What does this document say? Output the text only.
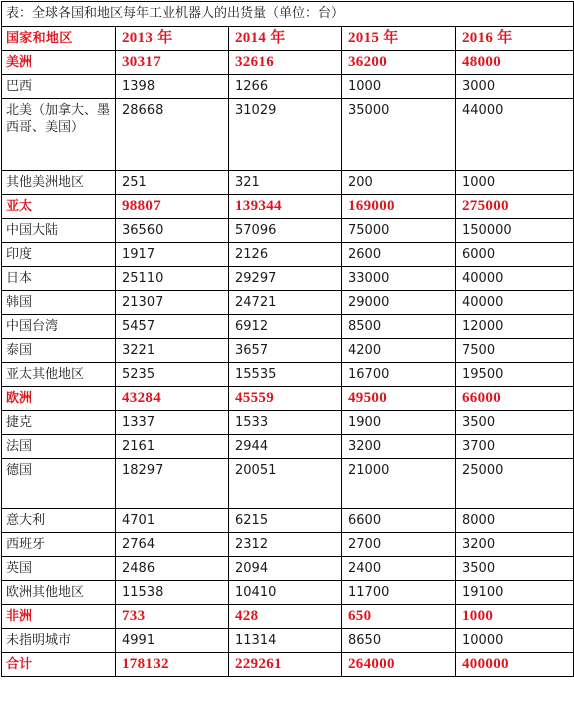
表：全球各国和地区每年工业机器人的出货量（单位：台）				
国家和地区	2013 年	2014 年	2015 年	2016 年
美洲	30317	32616	36200	48000
巴西	1398	1266	1000	3000
北美（加拿大、墨西哥、美国）	28668	31029	35000	44000
其他美洲地区	251	321	200	1000
亚太	98807	139344	169000	275000
中国大陆	36560	57096	75000	150000
印度	1917	2126	2600	6000
日本	25110	29297	33000	40000
韩国	21307	24721	29000	40000
中国台湾	5457	6912	8500	12000
泰国	3221	3657	4200	7500
亚太其他地区	5235	15535	16700	19500
欧洲	43284	45559	49500	66000
捷克	1337	1533	1900	3500
法国	2161	2944	3200	3700
德国	18297	20051	21000	25000
意大利	4701	6215	6600	8000
西班牙	2764	2312	2700	3200
英国	2486	2094	2400	3500
欧洲其他地区	11538	10410	11700	19100
非洲	733	428	650	1000
未指明城市	4991	11314	8650	10000
合计	178132	229261	264000	400000
